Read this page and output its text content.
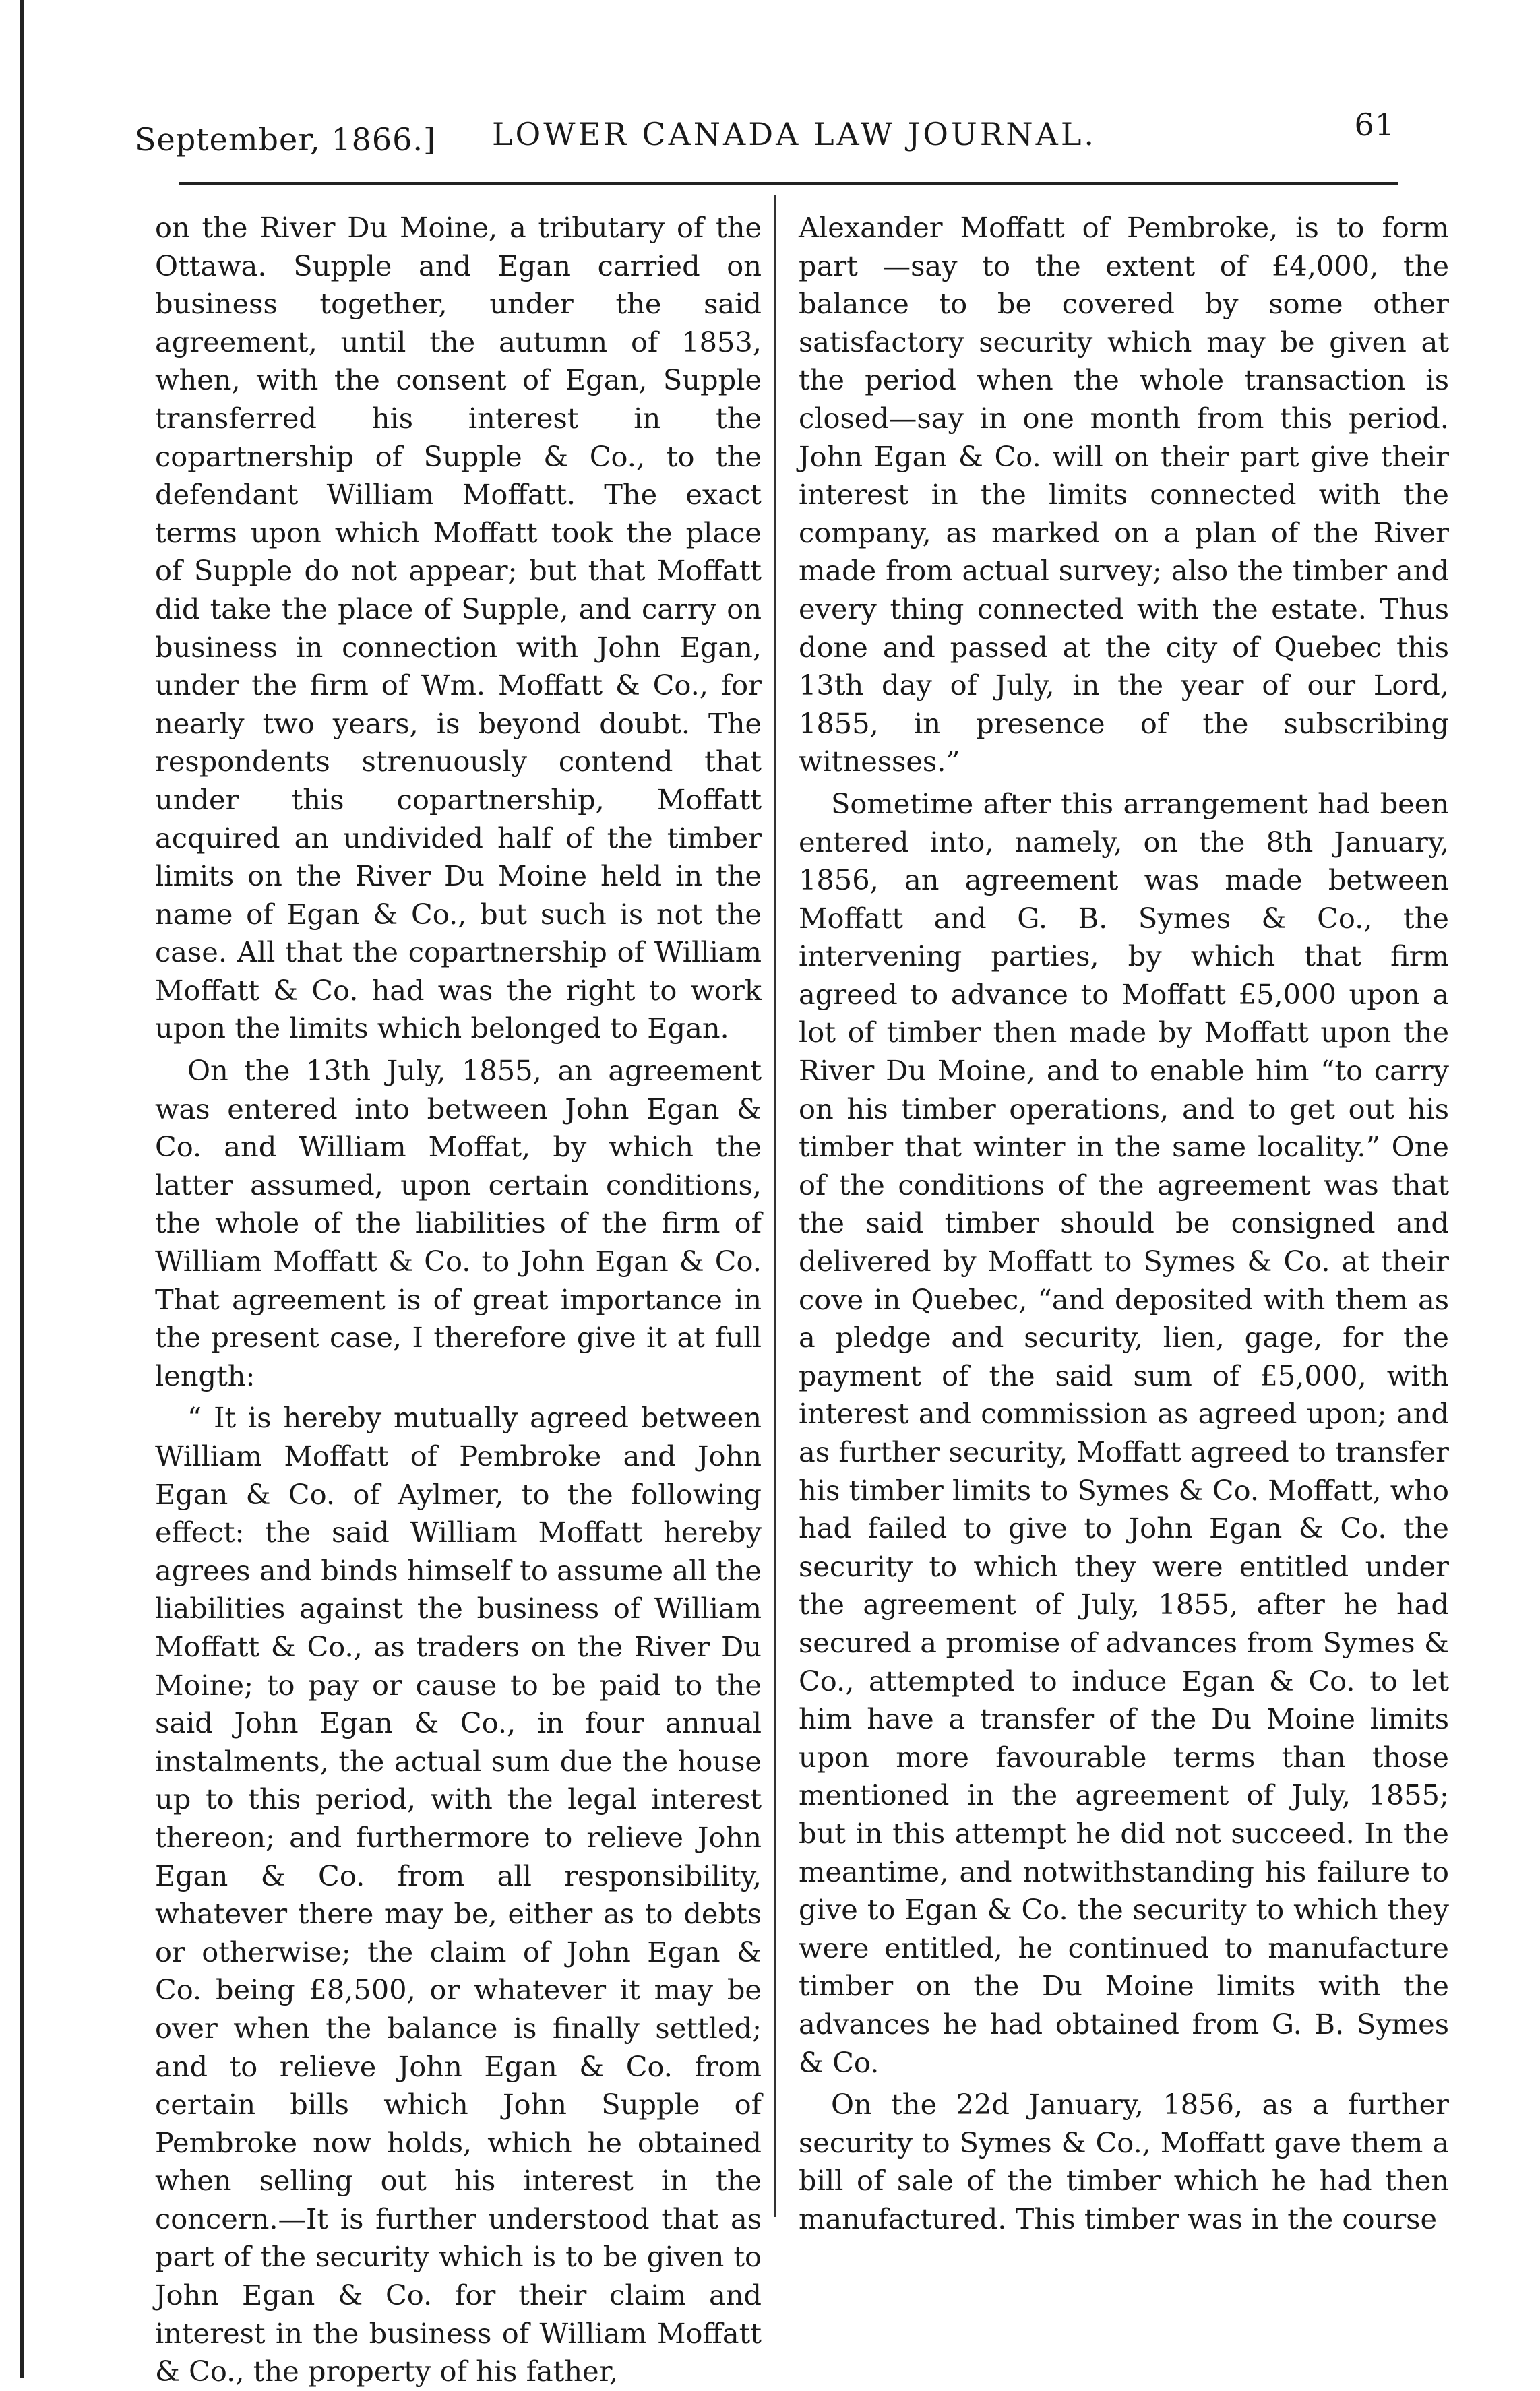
September, 1866.] LOWER CANADA LAW JOURNAL.	61

on the River Du Moine, a tributary of the Ottawa. Supple and Egan carried on business together, under the said agreement, until the autumn of 1853, when, with the consent of Egan, Supple transferred his interest in the copartnership of Supple & Co., to the defendant William Moffatt. The exact terms upon which Moffatt took the place of Supple do not appear; but that Moffatt did take the place of Supple, and carry on business in connection with John Egan, under the firm of Wm. Moffatt & Co., for nearly two years, is beyond doubt. The respondents strenuously contend that under this copartnership, Moffatt acquired an undivided half of the timber limits on the River Du Moine held in the name of Egan & Co., but such is not the case. All that the copartnership of William Moffatt & Co. had was the right to work upon the limits which belonged to Egan.

On the 13th July, 1855, an agreement was entered into between John Egan & Co. and William Moffat, by which the latter assumed, upon certain conditions, the whole of the liabilities of the firm of William Moffatt & Co. to John Egan & Co. That agreement is of great importance in the present case, I therefore give it at full length:

“ It is hereby mutually agreed between William Moffatt of Pembroke and John Egan & Co. of Aylmer, to the following effect: the said William Moffatt hereby agrees and binds himself to assume all the liabilities against the business of William Moffatt & Co., as traders on the River Du Moine; to pay or cause to be paid to the said John Egan & Co., in four annual instalments, the actual sum due the house up to this period, with the legal interest thereon; and furthermore to relieve John Egan & Co. from all responsibility, whatever there may be, either as to debts or otherwise; the claim of John Egan & Co. being £8,500, or whatever it may be over when the balance is finally settled; and to relieve John Egan & Co. from certain bills which John Supple of Pembroke now holds, which he obtained when selling out his interest in the concern.—It is further understood that as part of the security which is to be given to John Egan & Co. for their claim and interest in the business of William Moffatt & Co., the property of his father,

Alexander Moffatt of Pembroke, is to form part —say to the extent of £4,000, the balance to be covered by some other satisfactory security which may be given at the period when the whole transaction is closed—say in one month from this period. John Egan & Co. will on their part give their interest in the limits connected with the company, as marked on a plan of the River made from actual survey; also the timber and every thing connected with the estate. Thus done and passed at the city of Quebec this 13th day of July, in the year of our Lord, 1855, in presence of the subscribing witnesses.”

Sometime after this arrangement had been entered into, namely, on the 8th January, 1856, an agreement was made between Moffatt and G. B. Symes & Co., the intervening parties, by which that firm agreed to advance to Moffatt £5,000 upon a lot of timber then made by Moffatt upon the River Du Moine, and to enable him “to carry on his timber operations, and to get out his timber that winter in the same locality.” One of the conditions of the agreement was that the said timber should be consigned and delivered by Moffatt to Symes & Co. at their cove in Quebec, “and deposited with them as a pledge and security, lien, gage, for the payment of the said sum of £5,000, with interest and commission as agreed upon; and as further security, Moffatt agreed to transfer his timber limits to Symes & Co. Moffatt, who had failed to give to John Egan & Co. the security to which they were entitled under the agreement of July, 1855, after he had secured a promise of advances from Symes & Co., attempted to induce Egan & Co. to let him have a transfer of the Du Moine limits upon more favourable terms than those mentioned in the agreement of July, 1855; but in this attempt he did not succeed. In the meantime, and notwithstanding his failure to give to Egan & Co. the security to which they were entitled, he continued to manufacture timber on the Du Moine limits with the advances he had obtained from G. B. Symes & Co.

On the 22d January, 1856, as a further security to Symes & Co., Moffatt gave them a bill of sale of the timber which he had then manufactured. This timber was in the course
